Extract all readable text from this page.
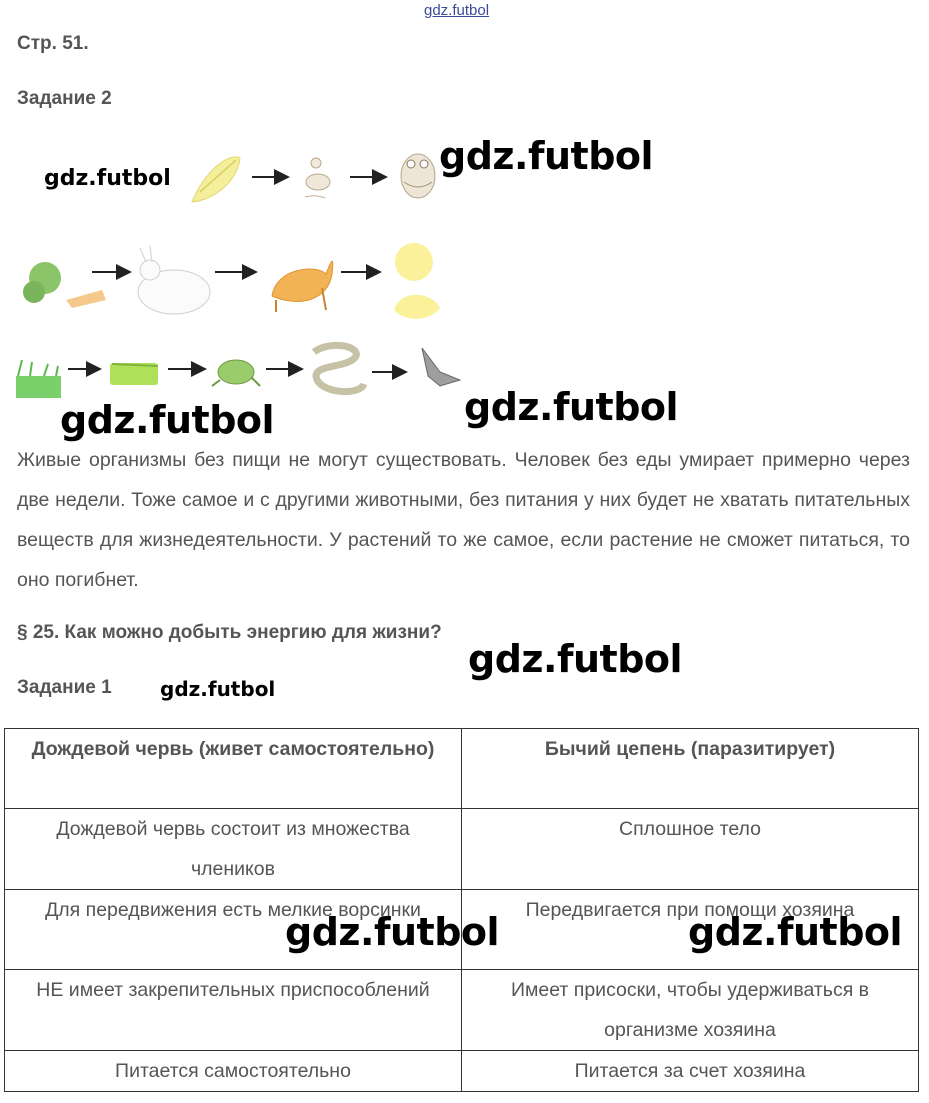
gdz.futbol
Стр. 51.
Задание 2
gdz.futbol
gdz.futbol
gdz.futbol	gdz.futbol
Живые организмы без пищи не могут существовать. Человек без еды умирает примерно через две недели. Тоже самое и с другими животными, без питания у них будет не хватать питательных веществ для жизнедеятельности. У растений то же самое, если растение не сможет питаться, то оно погибнет.
§ 25. Как можно добыть энергию для жизни?
gdz.futbol
Задание 1 gdz.futbol
Дождевой червь (живет самостоятельно)	Бычий цепень (паразитирует)
Дождевой червь состоит из множества члеников	Сплошное тело
Для передвижения есть мелкие ворсинки	Передвигается при помощи хозяина
НЕ имеет закрепительных приспособлений	Имеет присоски, чтобы удерживаться в организме хозяина
Питается самостоятельно	Питается за счет хозяина
gdz.futbol	gdz.futbol
